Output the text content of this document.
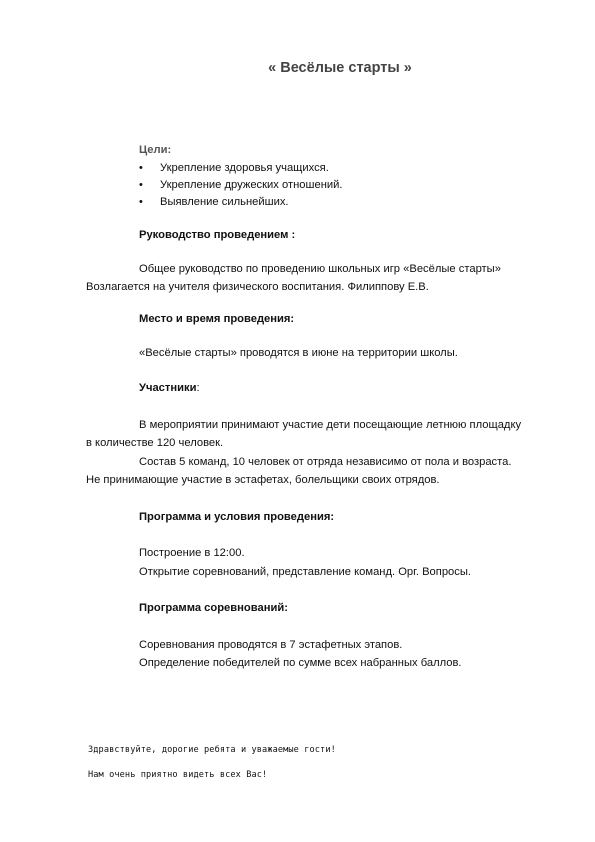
« Весёлые старты »
Цели:
• Укрепление здоровья учащихся.
• Укрепление дружеских отношений.
• Выявление сильнейших.
Руководство проведением :
Общее руководство по проведению школьных игр «Весёлые старты»
Возлагается на учителя физического воспитания. Филиппову Е.В.
Место и время проведения:
«Весёлые старты» проводятся в июне на территории школы.
Участники:
В мероприятии принимают участие дети посещающие летнюю площадку
в количестве 120 человек.
Состав 5 команд, 10 человек от отряда независимо от пола и возраста.
Не принимающие участие в эстафетах, болельщики своих отрядов.
Программа и условия проведения:
Построение в 12:00.
Открытие соревнований, представление команд. Орг. Вопросы.
Программа соревнований:
Соревнования проводятся в 7 эстафетных этапов.
Определение победителей по сумме всех набранных баллов.
Здравствуйте, дорогие ребята и уважаемые гости!
Нам очень приятно видеть всех Вас!
